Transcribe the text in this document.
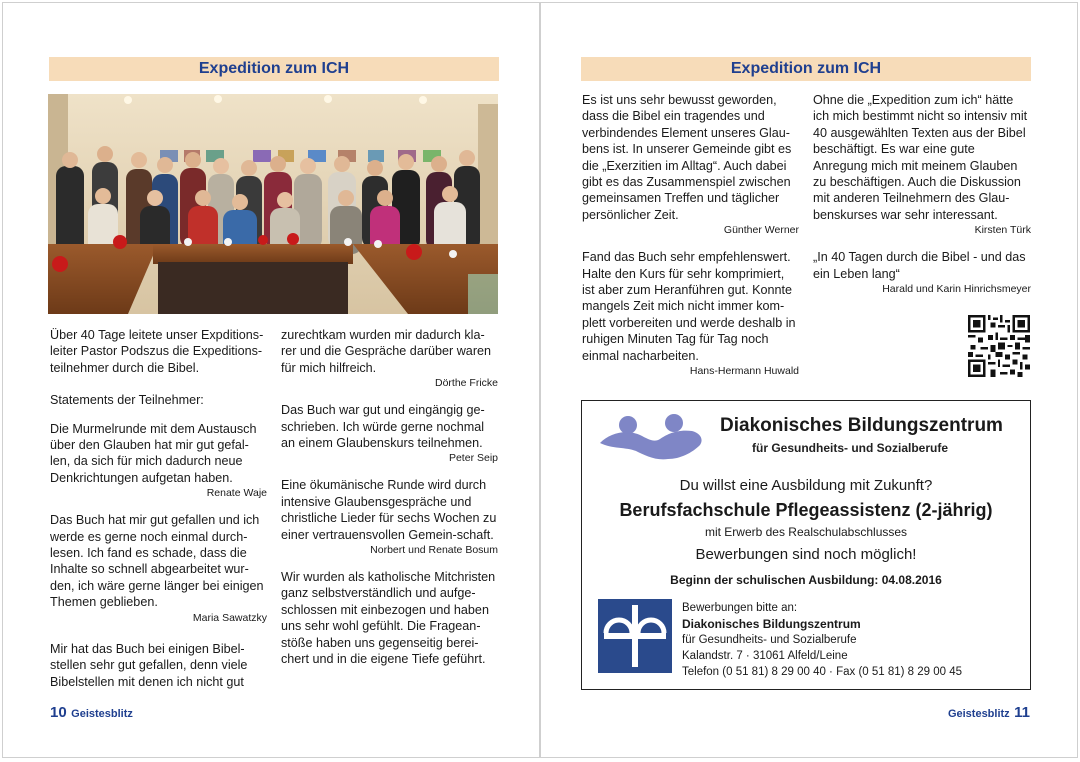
Expedition zum ICH

Über 40 Tage leitete unser Expditions-leiter Pastor Podszus die Expeditions-teilnehmer durch die Bibel.

Statements der Teilnehmer:

Die Murmelrunde mit dem Austausch über den Glauben hat mir gut gefal-len, da sich für mich dadurch neue Denkrichtungen aufgetan haben.

Renate Waje

Das Buch hat mir gut gefallen und ich werde es gerne noch einmal durch-lesen. Ich fand es schade, dass die Inhalte so schnell abgearbeitet wur-den, ich wäre gerne länger bei einigen Themen geblieben.

Maria Sawatzky

Mir hat das Buch bei einigen Bibel-stellen sehr gut gefallen, denn viele Bibelstellen mit denen ich nicht gut

zurechtkam wurden mir dadurch kla-rer und die Gespräche darüber waren für mich hilfreich.

Dörthe Fricke

Das Buch war gut und eingängig ge-schrieben. Ich würde gerne nochmal an einem Glaubenskurs teilnehmen.

Peter Seip

Eine ökumänische Runde wird durch intensive Glaubensgespräche und christliche Lieder für sechs Wochen zu einer vertrauensvollen Gemein-schaft.

Norbert und Renate Bosum

Wir wurden als katholische Mitchristen ganz selbstverständlich und aufge-schlossen mit einbezogen und haben uns sehr wohl gefühlt. Die Fragean-stöße haben uns gegenseitig berei-chert und in die eigene Tiefe geführt.

10 Geistesblitz
Expedition zum ICH

Es ist uns sehr bewusst geworden, dass die Bibel ein tragendes und verbindendes Element unseres Glau-bens ist. In unserer Gemeinde gibt es die „Exerzitien im Alltag“. Auch dabei gibt es das Zusammenspiel zwischen gemeinsamen Treffen und täglicher persönlicher Zeit.

Günther Werner

Fand das Buch sehr empfehlenswert. Halte den Kurs für sehr komprimiert, ist aber zum Heranführen gut. Konnte mangels Zeit mich nicht immer kom-plett vorbereiten und werde deshalb in ruhigen Minuten Tag für Tag noch einmal nacharbeiten.

Hans-Hermann Huwald

Ohne die „Expedition zum ich“ hätte ich mich bestimmt nicht so intensiv mit 40 ausgewählten Texten aus der Bibel beschäftigt. Es war eine gute Anregung mich mit meinem Glauben zu beschäftigen. Auch die Diskussion mit anderen Teilnehmern des Glau-benskurses war sehr interessant.

Kirsten Türk

„In 40 Tagen durch die Bibel - und das ein Leben lang“

Harald und Karin Hinrichsmeyer

Diakonisches Bildungszentrum
für Gesundheits- und Sozialberufe
Du willst eine Ausbildung mit Zukunft?
Berufsfachschule Pflegeassistenz (2-jährig)
mit Erwerb des Realschulabschlusses
Bewerbungen sind noch möglich!
Beginn der schulischen Ausbildung: 04.08.2016
Bewerbungen bitte an:
Diakonisches Bildungszentrum
für Gesundheits- und Sozialberufe
Kalandstr. 7 · 31061 Alfeld/Leine
Telefon (0 51 81) 8 29 00 40 · Fax (0 51 81) 8 29 00 45
Geistesblitz 11
